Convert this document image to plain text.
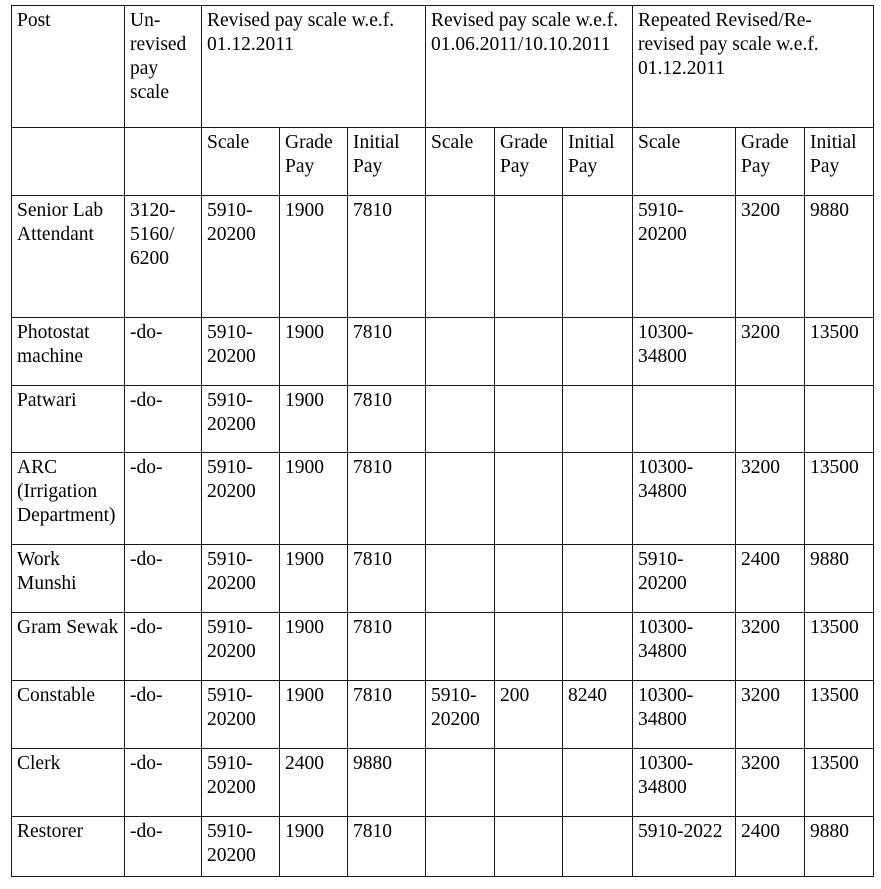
Post	Un- revised pay scale	Revised pay scale w.e.f. 01.12.2011			Revised pay scale w.e.f. 01.06.2011/10.10.2011			Repeated Revised/Re-revised pay scale w.e.f. 01.12.2011		
		Scale	Grade Pay	Initial Pay	Scale	Grade Pay	Initial Pay	Scale	Grade Pay	Initial Pay
Senior Lab Attendant	3120- 5160/ 6200	5910- 20200	1900	7810				5910- 20200	3200	9880
Photostat machine	-do-	5910- 20200	1900	7810				10300- 34800	3200	13500
Patwari	-do-	5910- 20200	1900	7810						
ARC (Irrigation Department)	-do-	5910- 20200	1900	7810				10300- 34800	3200	13500
Work Munshi	-do-	5910- 20200	1900	7810				5910- 20200	2400	9880
Gram Sewak	-do-	5910- 20200	1900	7810				10300- 34800	3200	13500
Constable	-do-	5910- 20200	1900	7810	5910- 20200	200	8240	10300- 34800	3200	13500
Clerk	-do-	5910- 20200	2400	9880				10300- 34800	3200	13500
Restorer	-do-	5910- 20200	1900	7810				5910-2022	2400	9880
